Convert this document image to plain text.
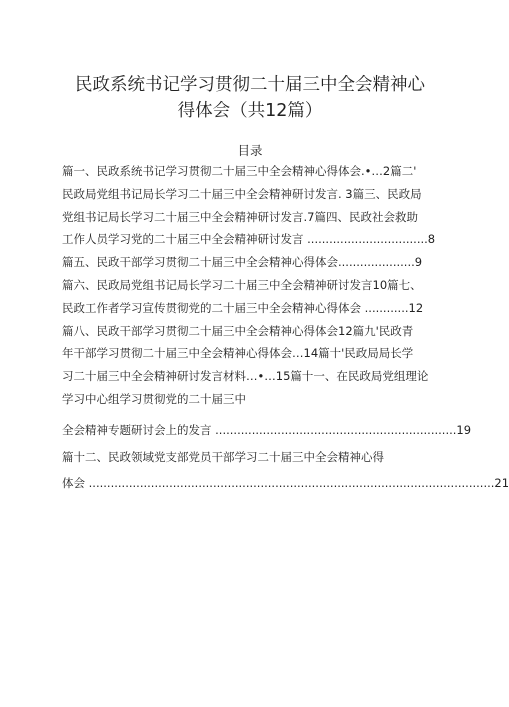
民政系统书记学习贯彻二十届三中全会精神心
得体会（共12篇）
目录
篇一、民政系统书记学习贯彻二十届三中全会精神心得体会.•…2篇二'
民政局党组书记局长学习二十届三中全会精神研讨发言. 3篇三、民政局
党组书记局长学习二十届三中全会精神研讨发言.7篇四、民政社会救助
工作人员学习党的二十届三中全会精神研讨发言 .................................8
篇五、民政干部学习贯彻二十届三中全会精神心得体会.....................9
篇六、民政局党组书记局长学习二十届三中全会精神研讨发言10篇七、
民政工作者学习宣传贯彻党的二十届三中全会精神心得体会 ............12
篇八、民政干部学习贯彻二十届三中全会精神心得体会12篇九'民政青
年干部学习贯彻二十届三中全会精神心得体会…14篇十'民政局局长学
习二十届三中全会精神研讨发言材料…•…15篇十一、在民政局党组理论
学习中心组学习贯彻党的二十届三中
全会精神专题研讨会上的发言 ..................................................................19
篇十二、民政领域党支部党员干部学习二十届三中全会精神心得
体会 ...............................................................................................................21
